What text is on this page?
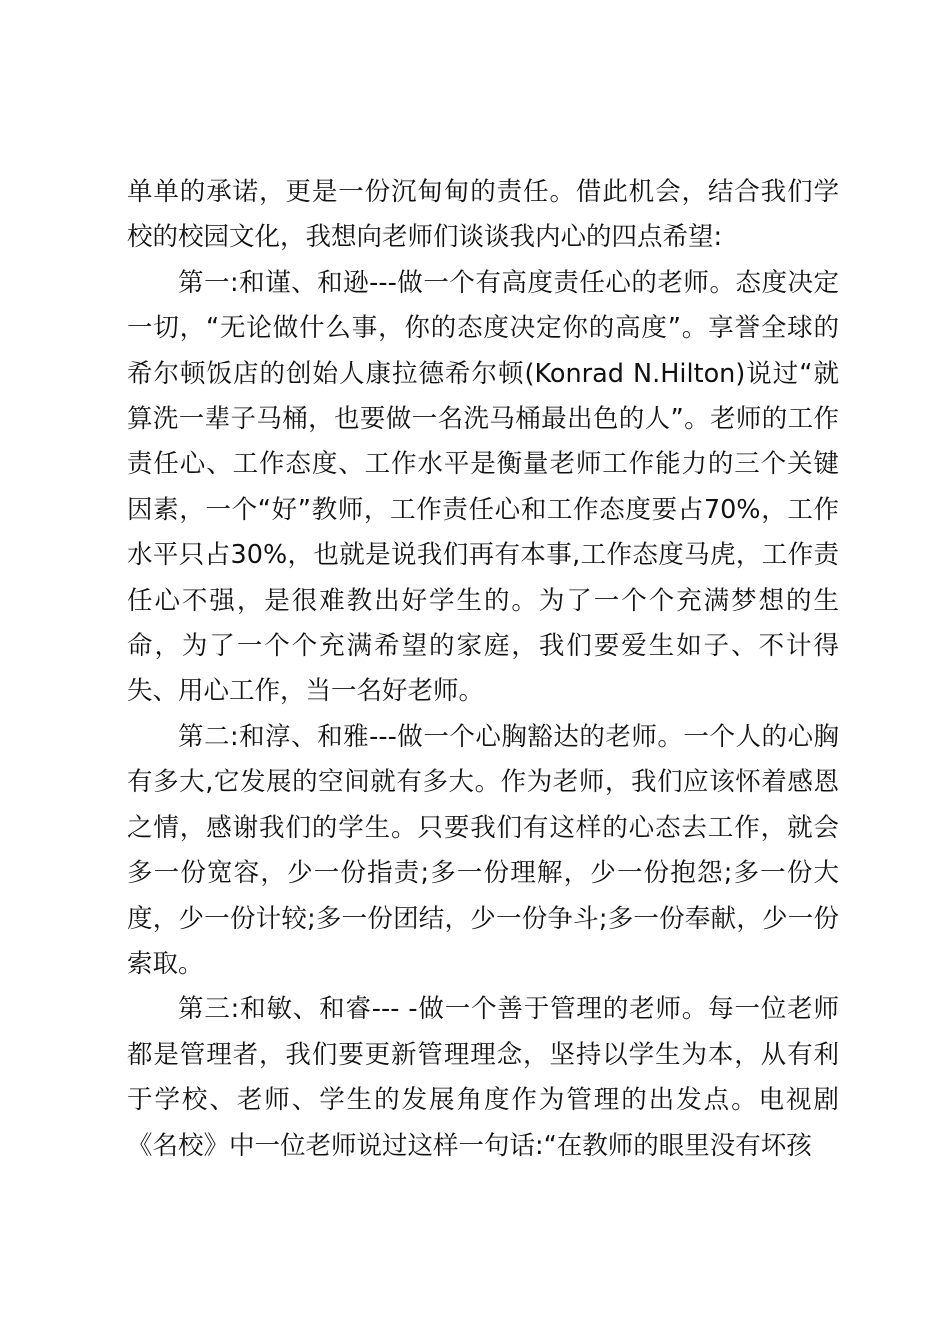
单单的承诺，更是一份沉甸甸的责任。借此机会，结合我们学校的校园文化，我想向老师们谈谈我内心的四点希望:

第一:和谨、和逊---做一个有高度责任心的老师。态度决定一切，“无论做什么事，你的态度决定你的高度”。享誉全球的希尔顿饭店的创始人康拉德希尔顿(Konrad N.Hilton)说过“就算洗一辈子马桶，也要做一名洗马桶最出色的人”。老师的工作责任心、工作态度、工作水平是衡量老师工作能力的三个关键因素，一个“好”教师，工作责任心和工作态度要占70%，工作水平只占30%，也就是说我们再有本事,工作态度马虎，工作责任心不强，是很难教出好学生的。为了一个个充满梦想的生命，为了一个个充满希望的家庭，我们要爱生如子、不计得失、用心工作，当一名好老师。

第二:和淳、和雅---做一个心胸豁达的老师。一个人的心胸有多大,它发展的空间就有多大。作为老师，我们应该怀着感恩之情，感谢我们的学生。只要我们有这样的心态去工作，就会多一份宽容，少一份指责;多一份理解，少一份抱怨;多一份大度，少一份计较;多一份团结，少一份争斗;多一份奉献，少一份索取。

第三:和敏、和睿--- -做一个善于管理的老师。每一位老师都是管理者，我们要更新管理理念，坚持以学生为本，从有利于学校、老师、学生的发展角度作为管理的出发点。电视剧《名校》中一位老师说过这样一句话:“在教师的眼里没有坏孩
